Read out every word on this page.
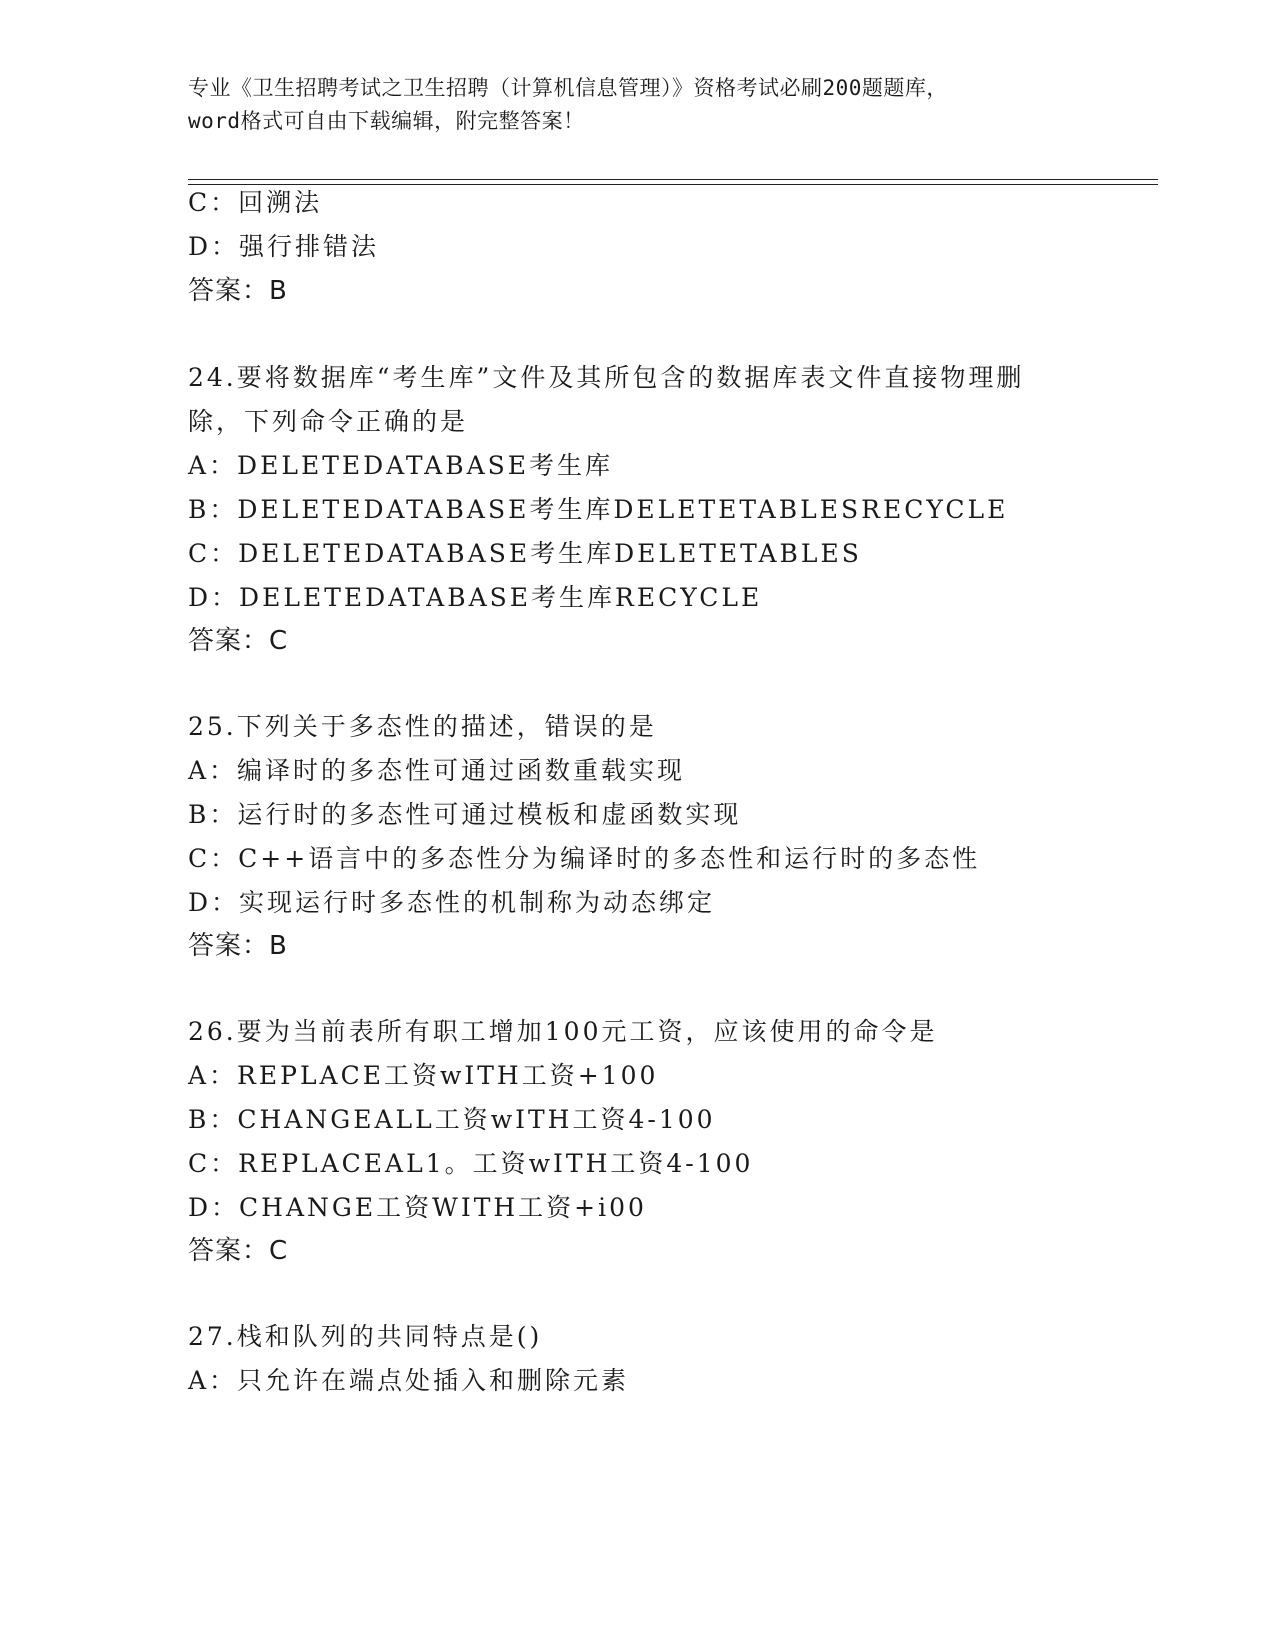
专业《卫生招聘考试之卫生招聘（计算机信息管理）》资格考试必刷200题题库，
word格式可自由下载编辑，附完整答案！
C：回溯法
D：强行排错法
答案：B
24.要将数据库“考生库”文件及其所包含的数据库表文件直接物理删
除，下列命令正确的是
A：DELETEDATABASE考生库
B：DELETEDATABASE考生库DELETETABLESRECYCLE
C：DELETEDATABASE考生库DELETETABLES
D：DELETEDATABASE考生库RECYCLE
答案：C
25.下列关于多态性的描述，错误的是
A：编译时的多态性可通过函数重载实现
B：运行时的多态性可通过模板和虚函数实现
C：C++语言中的多态性分为编译时的多态性和运行时的多态性
D：实现运行时多态性的机制称为动态绑定
答案：B
26.要为当前表所有职工增加100元工资，应该使用的命令是
A：REPLACE工资wITH工资+100
B：CHANGEALL工资wITH工资4-100
C：REPLACEAL1。工资wITH工资4-100
D：CHANGE工资WITH工资+i00
答案：C
27.栈和队列的共同特点是()
A：只允许在端点处插入和删除元素
